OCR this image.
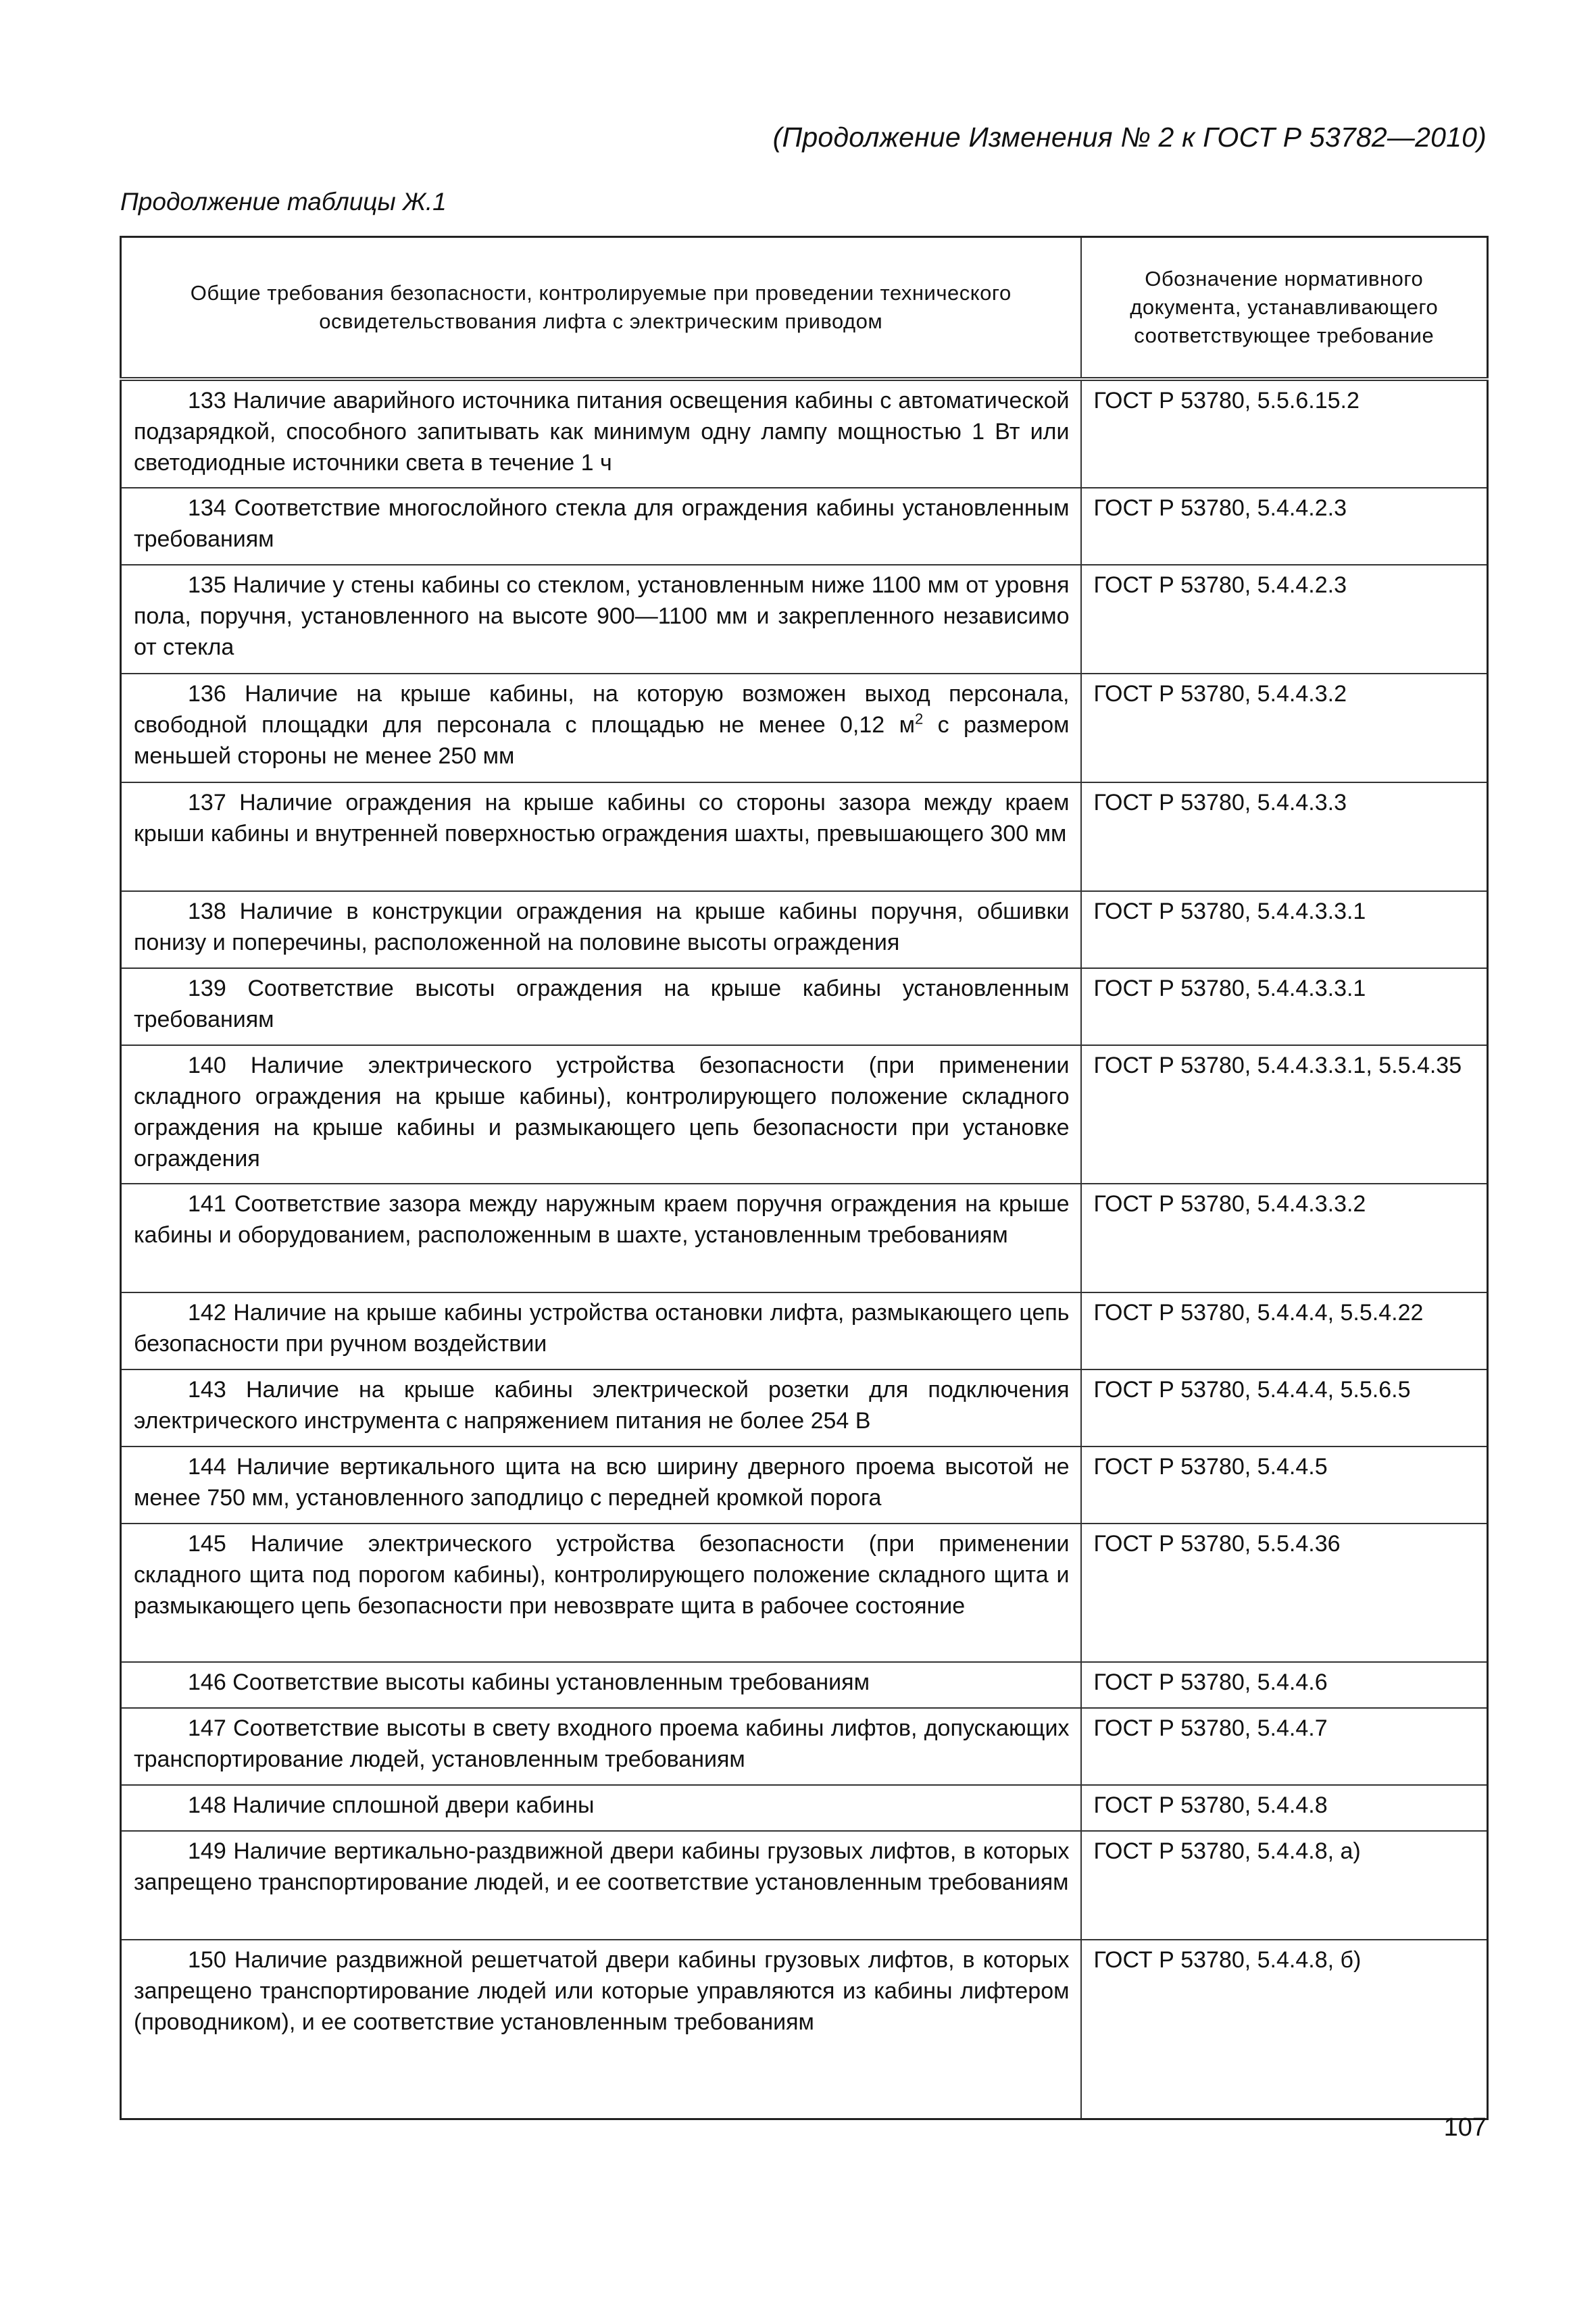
(Продолжение Изменения № 2 к ГОСТ Р 53782—2010)
Продолжение таблицы Ж.1
Общие требования безопасности, контролируемые при проведении технического освидетельствования лифта с электрическим приводом	Обозначение нормативного документа, устанавливающего соответствующее требование
133 Наличие аварийного источника питания освещения кабины с автоматической подзарядкой, способного запитывать как минимум одну лампу мощностью 1 Вт или светодиодные источники света в течение 1 ч	ГОСТ Р 53780, 5.5.6.15.2
134 Соответствие многослойного стекла для ограждения кабины установленным требованиям	ГОСТ Р 53780, 5.4.4.2.3
135 Наличие у стены кабины со стеклом, установленным ниже 1100 мм от уровня пола, поручня, установленного на высоте 900—1100 мм и закрепленного независимо от стекла	ГОСТ Р 53780, 5.4.4.2.3
136 Наличие на крыше кабины, на которую возможен выход персонала, свободной площадки для персонала с площадью не менее 0,12 $м^2$ с размером меньшей стороны не менее 250 мм	ГОСТ Р 53780, 5.4.4.3.2
137 Наличие ограждения на крыше кабины со стороны зазора между краем крыши кабины и внутренней поверхностью ограждения шахты, превышающего 300 мм	ГОСТ Р 53780, 5.4.4.3.3
138 Наличие в конструкции ограждения на крыше кабины поручня, обшивки понизу и поперечины, расположенной на половине высоты ограждения	ГОСТ Р 53780, 5.4.4.3.3.1
139 Соответствие высоты ограждения на крыше кабины установленным требованиям	ГОСТ Р 53780, 5.4.4.3.3.1
140 Наличие электрического устройства безопасности (при применении складного ограждения на крыше кабины), контролирующего положение складного ограждения на крыше кабины и размыкающего цепь безопасности при установке ограждения	ГОСТ Р 53780, 5.4.4.3.3.1, 5.5.4.35
141 Соответствие зазора между наружным краем поручня ограждения на крыше кабины и оборудованием, расположенным в шахте, установленным требованиям	ГОСТ Р 53780, 5.4.4.3.3.2
142 Наличие на крыше кабины устройства остановки лифта, размыкающего цепь безопасности при ручном воздействии	ГОСТ Р 53780, 5.4.4.4, 5.5.4.22
143 Наличие на крыше кабины электрической розетки для подключения электрического инструмента с напряжением питания не более 254 В	ГОСТ Р 53780, 5.4.4.4, 5.5.6.5
144 Наличие вертикального щита на всю ширину дверного проема высотой не менее 750 мм, установленного заподлицо с передней кромкой порога	ГОСТ Р 53780, 5.4.4.5
145 Наличие электрического устройства безопасности (при применении складного щита под порогом кабины), контролирующего положение складного щита и размыкающего цепь безопасности при невозврате щита в рабочее состояние	ГОСТ Р 53780, 5.5.4.36
146 Соответствие высоты кабины установленным требованиям	ГОСТ Р 53780, 5.4.4.6
147 Соответствие высоты в свету входного проема кабины лифтов, допускающих транспортирование людей, установленным требованиям	ГОСТ Р 53780, 5.4.4.7
148 Наличие сплошной двери кабины	ГОСТ Р 53780, 5.4.4.8
149 Наличие вертикально-раздвижной двери кабины грузовых лифтов, в которых запрещено транспортирование людей, и ее соответствие установленным требованиям	ГОСТ Р 53780, 5.4.4.8, а)
150 Наличие раздвижной решетчатой двери кабины грузовых лифтов, в которых запрещено транспортирование людей или которые управляются из кабины лифтером (проводником), и ее соответствие установленным требованиям	ГОСТ Р 53780, 5.4.4.8, б)
107
